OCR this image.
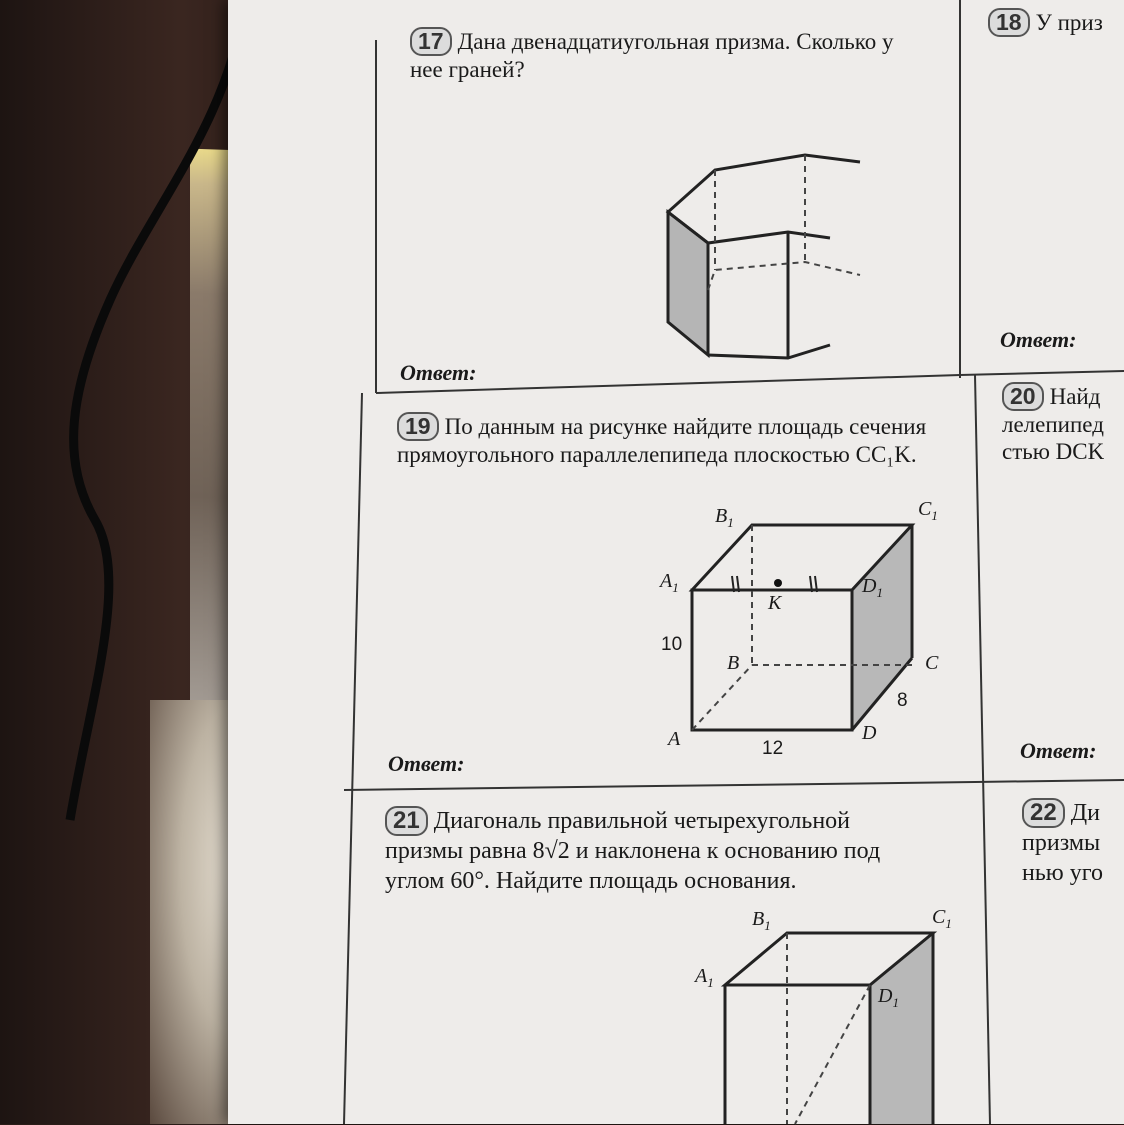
17 Дана двенадцатиугольная призма. Сколько у нее граней?
Ответ:
18 У приз
Ответ:
19 По данным на рисунке найдите площадь сечения прямоугольного параллелепипеда плоскостью CC₁K.
$B_1$
$C_1$
$A_1$	$D_1$
K
B	C
A	D
10
12
8
Ответ:
20 Найд
лелепипед
стью DCK
Ответ:
21 Диагональ правильной четырехугольной
призмы равна 8√2 и наклонена к основанию под
углом 60°. Найдите площадь основания.
$B_1$	$C_1$
$A_1$
$D_1$
22 Ди
призмы
нью уго
